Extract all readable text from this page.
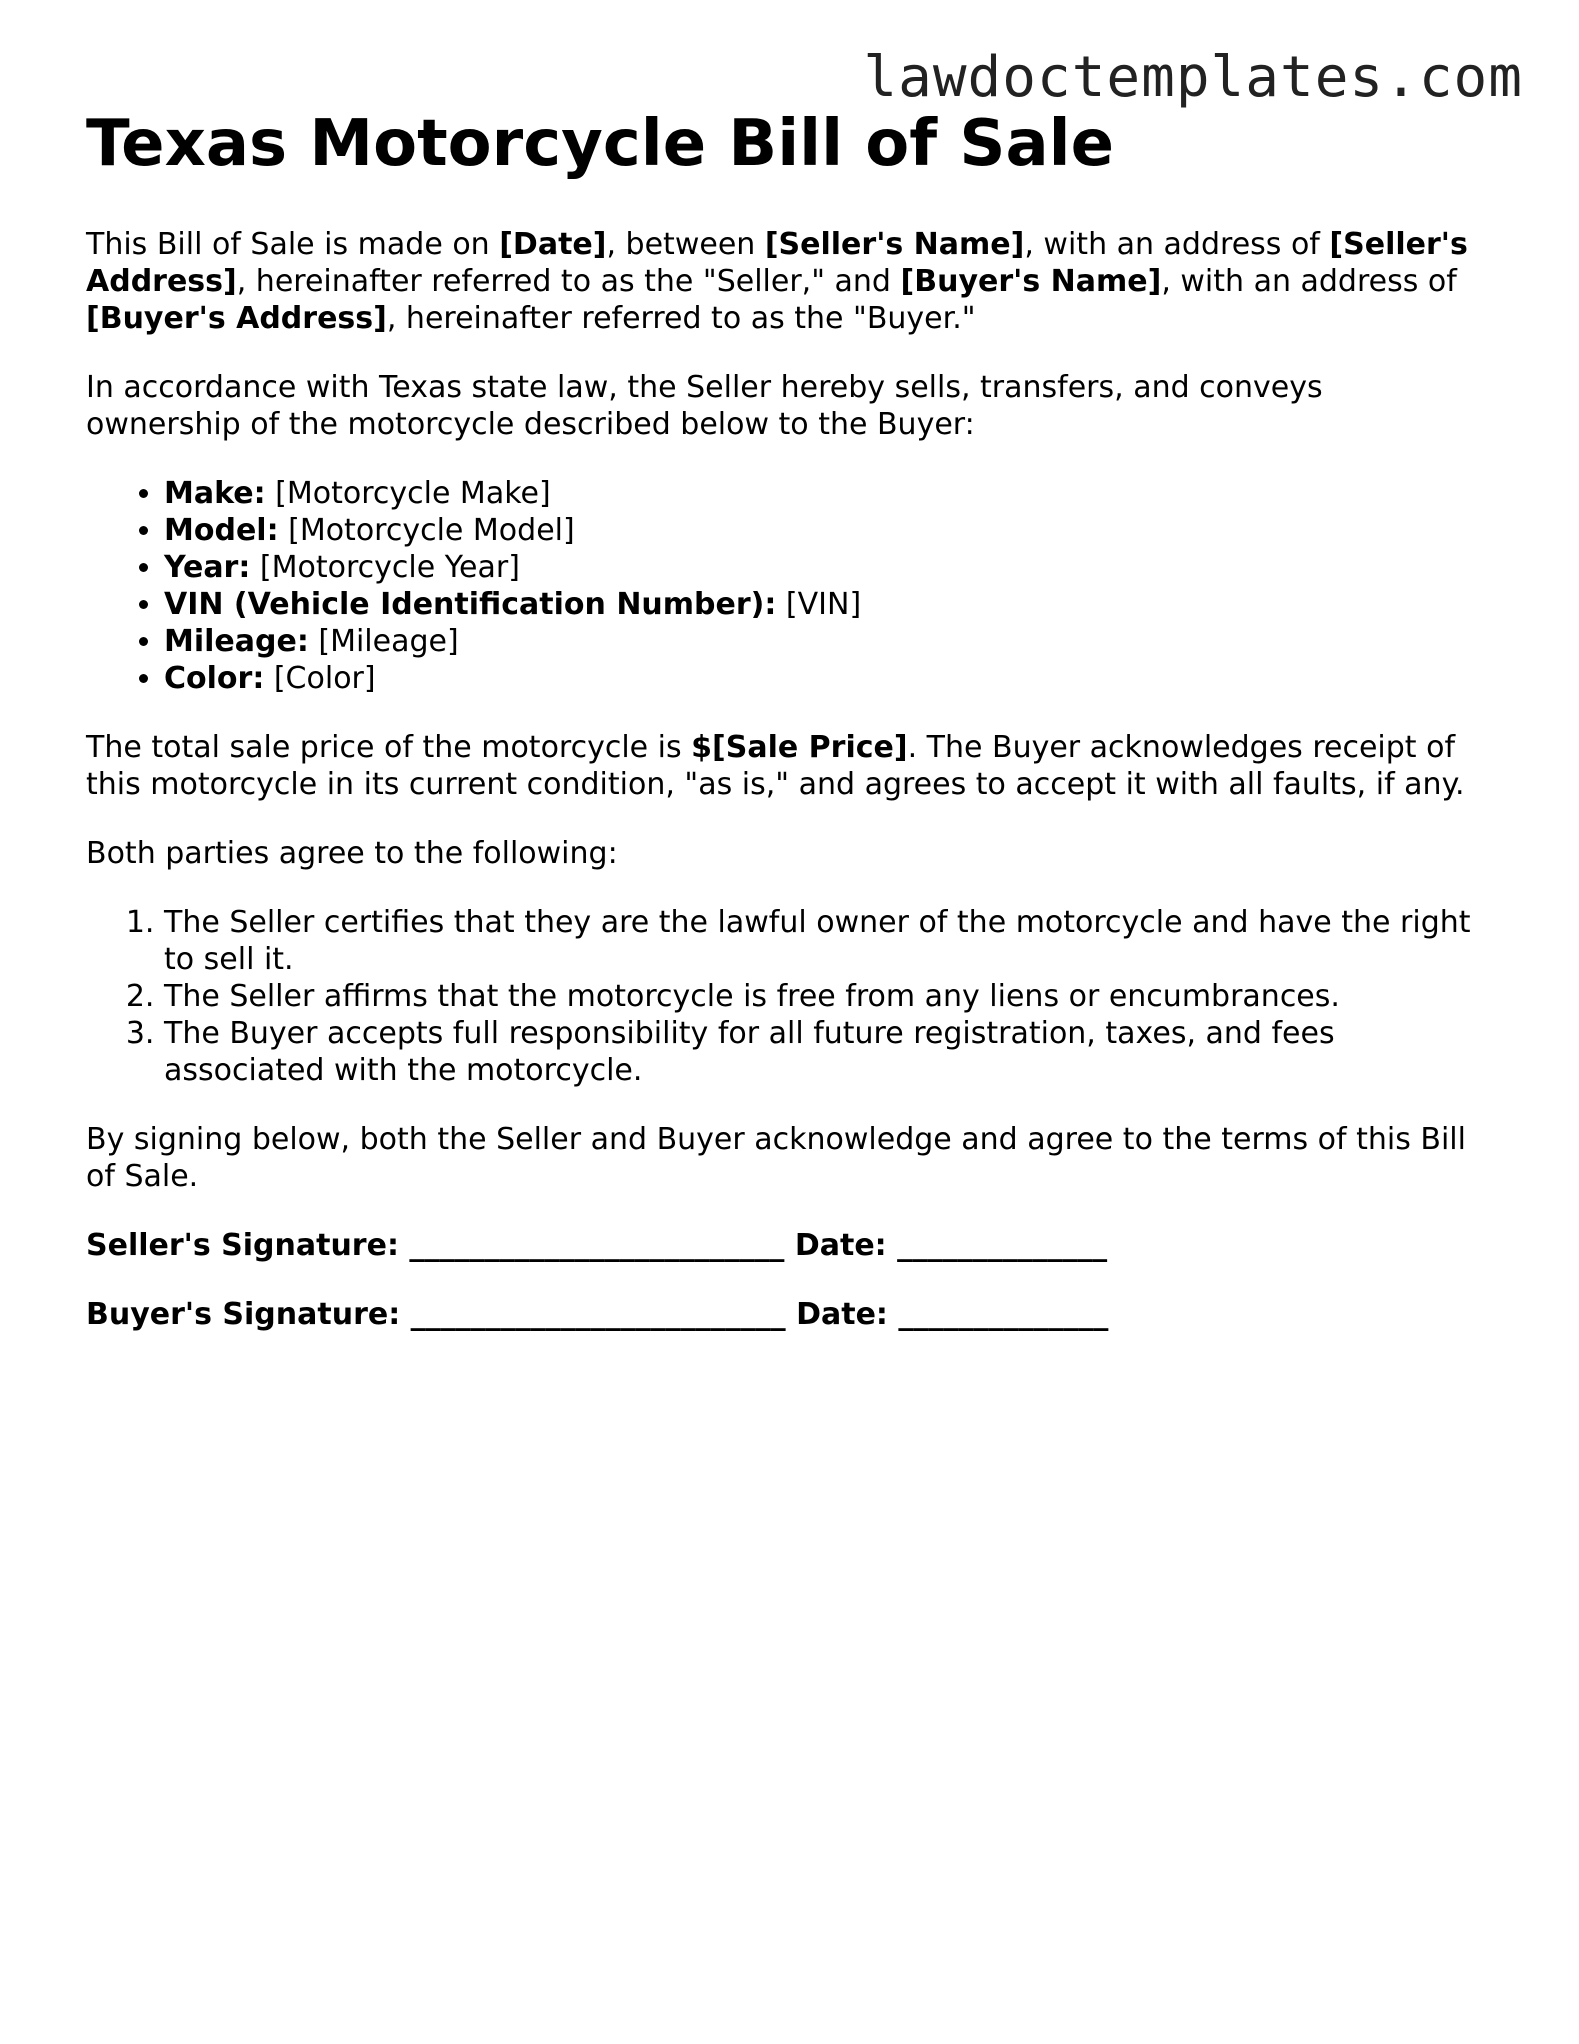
lawdoctemplates.com
Texas Motorcycle Bill of Sale

This Bill of Sale is made on [Date], between [Seller's Name], with an address of [Seller's Address], hereinafter referred to as the "Seller," and [Buyer's Name], with an address of [Buyer's Address], hereinafter referred to as the "Buyer."

In accordance with Texas state law, the Seller hereby sells, transfers, and conveys ownership of the motorcycle described below to the Buyer:

• Make: [Motorcycle Make]
• Model: [Motorcycle Model]
• Year: [Motorcycle Year]
• VIN (Vehicle Identification Number): [VIN]
• Mileage: [Mileage]
• Color: [Color]

The total sale price of the motorcycle is $[Sale Price]. The Buyer acknowledges receipt of this motorcycle in its current condition, "as is," and agrees to accept it with all faults, if any.

Both parties agree to the following:

1. The Seller certifies that they are the lawful owner of the motorcycle and have the right to sell it.
2. The Seller affirms that the motorcycle is free from any liens or encumbrances.
3. The Buyer accepts full responsibility for all future registration, taxes, and fees associated with the motorcycle.

By signing below, both the Seller and Buyer acknowledge and agree to the terms of this Bill of Sale.

Seller's Signature: _________________________ Date: ______________
Buyer's Signature: _________________________ Date: ______________
